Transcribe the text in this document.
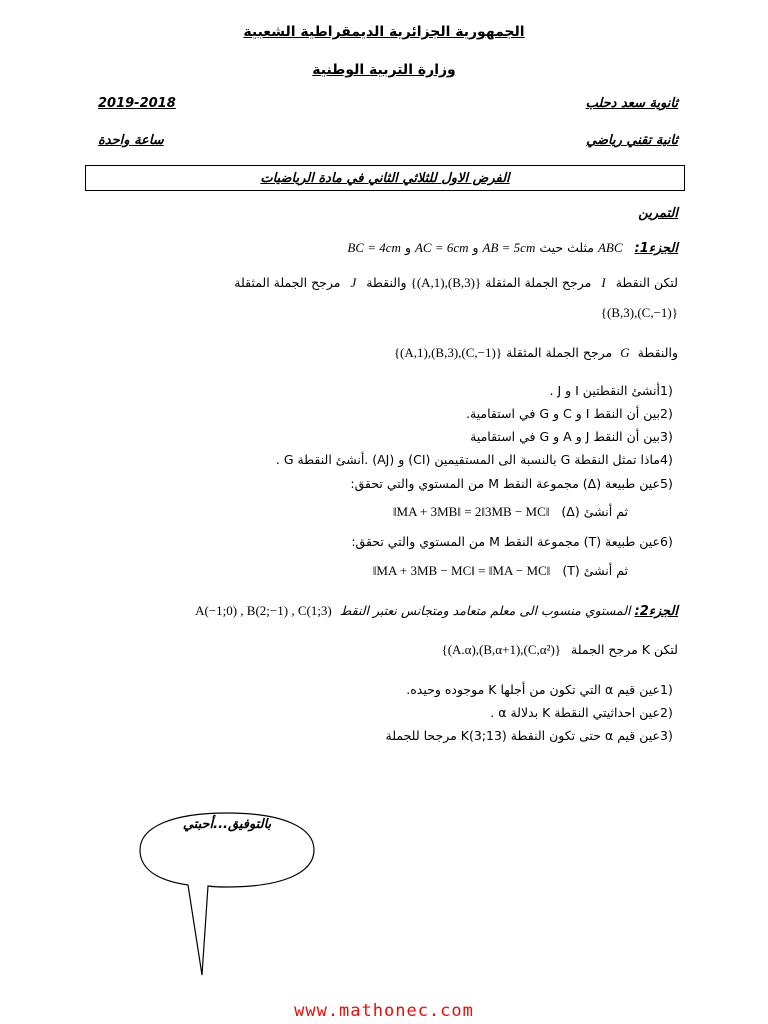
الجمهورية الجزائرية الديمقراطية الشعبية
وزارة التربية الوطنية
ثانوية سعد دحلب
2019-2018
ثانية تقني رياضي
ساعة واحدة
الفرض الاول للثلاثي الثاني في مادة الرياضيات
التمرين
الجزء1: ABC مثلث حيث AB = 5cm و AC = 6cm و BC = 4cm
لتكن النقطة I مرجح الجملة المثقلة {(A,1),(B,3)} والنقطة J مرجح الجملة المثقلة
{(B,3),(C,−1)}
والنقطة G مرجح الجملة المثقلة {(A,1),(B,3),(C,−1)}
1)أنشئ النقطتين I و J .
2)بين أن النقط I و C و G في استقامية.
3)بين أن النقط J و A و G في استقامية
4)ماذا تمثل النقطة G بالنسبة الى المستقيمين (CI) و (AJ) .أنشئ النقطة G .
5)عين طبيعة (Δ) مجموعة النقط M من المستوي والتي تحقق:
ثم أنشئ (Δ) ‖MA + 3MB‖ = 2‖3MB − MC‖
6)عين طبيعة (T) مجموعة النقط M من المستوي والتي تحقق:
ثم أنشئ (T) ‖MA + 3MB − MC‖ = ‖MA − MC‖
الجزء2: المستوي منسوب الى معلم متعامد ومتجانس نعتبر النقط A(−1;0) , B(2;−1) , C(1;3)
لتكن K مرجح الجملة {(A.α),(B,α+1),(C,α²)}
1)عين قيم α التي تكون من أجلها K موجوده وحيده.
2)عين احداثيتي النقطة K بدلالة α .
3)عين قيم α حتى تكون النقطة K(3;13) مرجحا للجملة
بالتوفيق...أحبتي
www.mathonec.com
